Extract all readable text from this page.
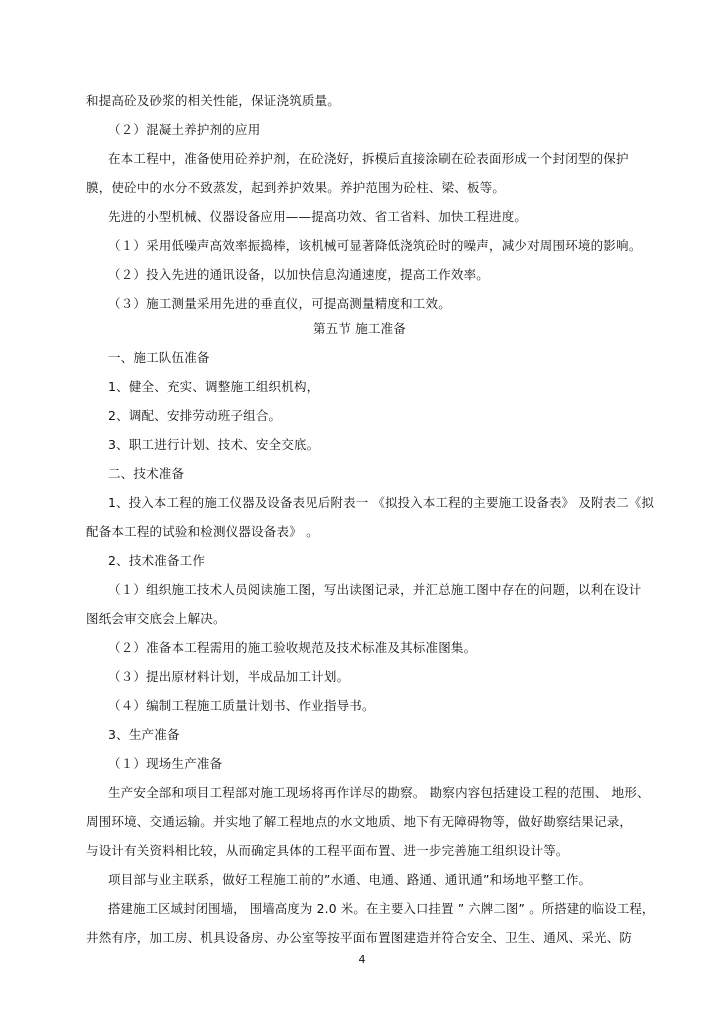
和提高砼及砂浆的相关性能，保证浇筑质量。
（２）混凝土养护剂的应用
在本工程中，准备使用砼养护剂，在砼浇好，拆模后直接涂刷在砼表面形成一个封闭型的保护
膜，使砼中的水分不致蒸发，起到养护效果。养护范围为砼柱、梁、板等。
先进的小型机械、仪器设备应用——提高功效、省工省料、加快工程进度。
（１）采用低噪声高效率振捣棒，该机械可显著降低浇筑砼时的噪声，减少对周围环境的影响。
（２）投入先进的通讯设备，以加快信息沟通速度，提高工作效率。
（３）施工测量采用先进的垂直仪，可提高测量精度和工效。
第五节 施工准备
一、施工队伍准备
1、健全、充实、调整施工组织机构，
2、调配、安排劳动班子组合。
3、职工进行计划、技术、安全交底。
二、技术准备
1、投入本工程的施工仪器及设备表见后附表一 《拟投入本工程的主要施工设备表》 及附表二《拟
配备本工程的试验和检测仪器设备表》 。
2、技术准备工作
（１）组织施工技术人员阅读施工图，写出读图记录，并汇总施工图中存在的问题，以利在设计
图纸会审交底会上解决。
（２）准备本工程需用的施工验收规范及技术标准及其标准图集。
（３）提出原材料计划，半成品加工计划。
（４）编制工程施工质量计划书、作业指导书。
3、生产准备
（１）现场生产准备
生产安全部和项目工程部对施工现场将再作详尽的勘察。 勘察内容包括建设工程的范围、 地形、
周围环境、交通运输。并实地了解工程地点的水文地质、地下有无障碍物等，做好勘察结果记录，
与设计有关资料相比较，从而确定具体的工程平面布置、进一步完善施工组织设计等。
项目部与业主联系，做好工程施工前的”水通、电通、路通、通讯通”和场地平整工作。
搭建施工区域封闭围墙， 围墙高度为 2.0 米。在主要入口挂置 ” 六牌二图” 。所搭建的临设工程，
井然有序，加工房、机具设备房、办公室等按平面布置图建造并符合安全、卫生、通风、采光、防
4
